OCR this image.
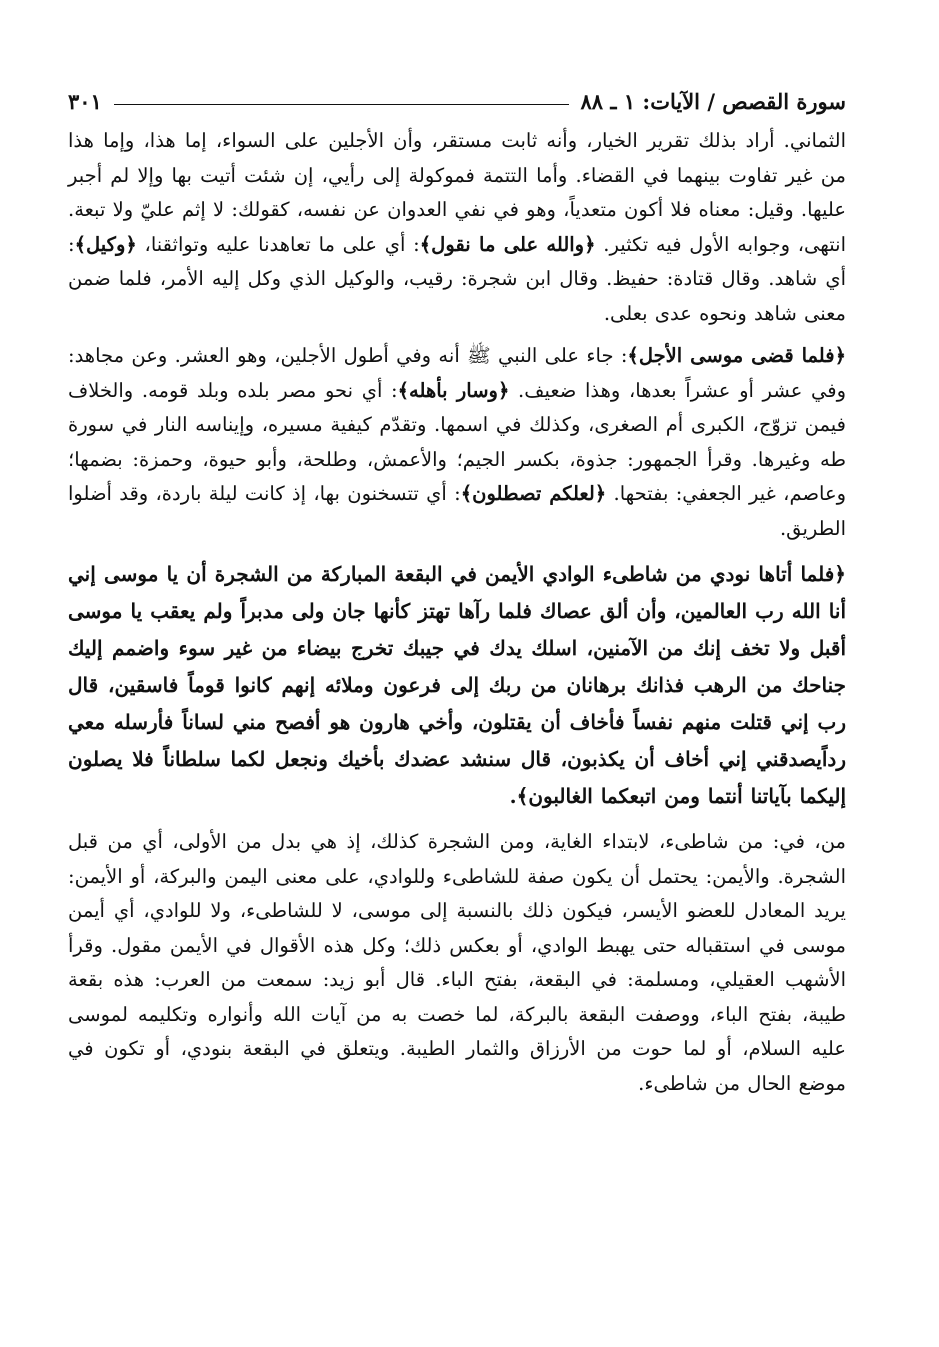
سورة القصص / الآيات: ١ ـ ٨٨
٣٠١

الثماني. أراد بذلك تقرير الخيار، وأنه ثابت مستقر، وأن الأجلين على السواء، إما هذا، وإما هذا من غير تفاوت بينهما في القضاء. وأما التتمة فموكولة إلى رأيي، إن شئت أتيت بها وإلا لم أجبر عليها. وقيل: معناه فلا أكون متعدياً، وهو في نفي العدوان عن نفسه، كقولك: لا إثم عليّ ولا تبعة. انتهى، وجوابه الأول فيه تكثير. ﴿والله على ما نقول﴾: أي على ما تعاهدنا عليه وتواثقنا، ﴿وكيل﴾: أي شاهد. وقال قتادة: حفيظ. وقال ابن شجرة: رقيب، والوكيل الذي وكل إليه الأمر، فلما ضمن معنى شاهد ونحوه عدى بعلى.

﴿فلما قضى موسى الأجل﴾: جاء على النبي ﷺ أنه وفي أطول الأجلين، وهو العشر. وعن مجاهد: وفي عشر أو عشراً بعدها، وهذا ضعيف. ﴿وسار بأهله﴾: أي نحو مصر بلده وبلد قومه. والخلاف فيمن تزوّج، الكبرى أم الصغرى، وكذلك في اسمها. وتقدّم كيفية مسيره، وإيناسه النار في سورة طه وغيرها. وقرأ الجمهور: جذوة، بكسر الجيم؛ والأعمش، وطلحة، وأبو حيوة، وحمزة: بضمها؛ وعاصم، غير الجعفي: بفتحها. ﴿لعلكم تصطلون﴾: أي تتسخنون بها، إذ كانت ليلة باردة، وقد أضلوا الطريق.

﴿فلما أتاها نودي من شاطىء الوادي الأيمن في البقعة المباركة من الشجرة أن يا موسى إني أنا الله رب العالمين، وأن ألق عصاك فلما رآها تهتز كأنها جان ولى مدبراً ولم يعقب يا موسى أقبل ولا تخف إنك من الآمنين، اسلك يدك في جيبك تخرج بيضاء من غير سوء واضمم إليك جناحك من الرهب فذانك برهانان من ربك إلى فرعون وملائه إنهم كانوا قوماً فاسقين، قال رب إني قتلت منهم نفساً فأخاف أن يقتلون، وأخي هارون هو أفصح مني لساناً فأرسله معي رداًيصدقني إني أخاف أن يكذبون، قال سنشد عضدك بأخيك ونجعل لكما سلطاناً فلا يصلون إليكما بآياتنا أنتما ومن اتبعكما الغالبون﴾.

من، في: من شاطىء، لابتداء الغاية، ومن الشجرة كذلك، إذ هي بدل من الأولى، أي من قبل الشجرة. والأيمن: يحتمل أن يكون صفة للشاطىء وللوادي، على معنى اليمن والبركة، أو الأيمن: يريد المعادل للعضو الأيسر، فيكون ذلك بالنسبة إلى موسى، لا للشاطىء، ولا للوادي، أي أيمن موسى في استقباله حتى يهبط الوادي، أو بعكس ذلك؛ وكل هذه الأقوال في الأيمن مقول. وقرأ الأشهب العقيلي، ومسلمة: في البقعة، بفتح الباء. قال أبو زيد: سمعت من العرب: هذه بقعة طيبة، بفتح الباء، ووصفت البقعة بالبركة، لما خصت به من آيات الله وأنواره وتكليمه لموسى عليه السلام، أو لما حوت من الأرزاق والثمار الطيبة. ويتعلق في البقعة بنودي، أو تكون في موضع الحال من شاطىء.
